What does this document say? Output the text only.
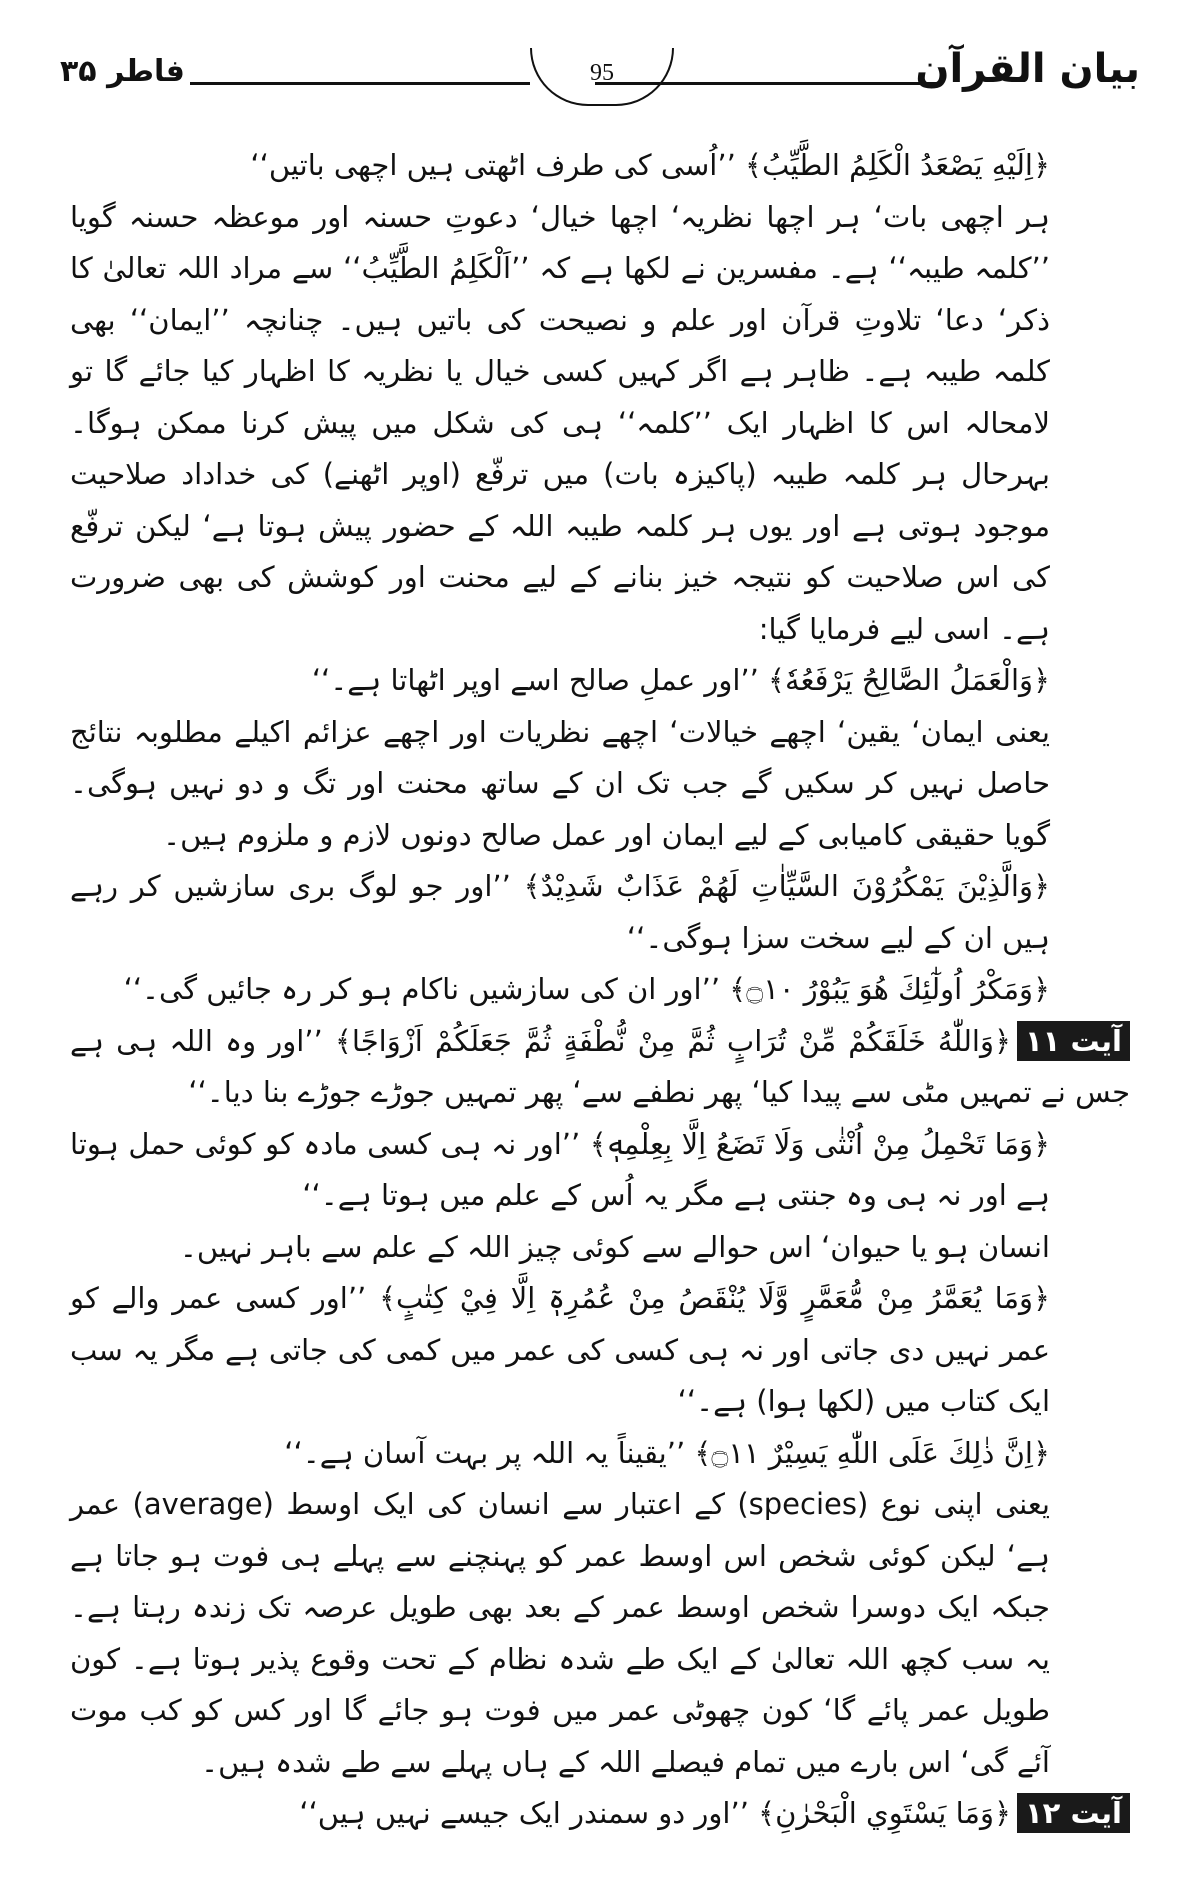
بیان القرآن
95
فاطر ۳۵

﴿اِلَيْهِ يَصْعَدُ الْكَلِمُ الطَّيِّبُ﴾ ’’اُسی کی طرف اٹھتی ہیں اچھی باتیں‘‘

ہر اچھی بات‘ ہر اچھا نظریہ‘ اچھا خیال‘ دعوتِ حسنہ اور موعظہ حسنہ گویا ’’کلمہ طیبہ‘‘ ہے۔ مفسرین نے لکھا ہے کہ ’’اَلْكَلِمُ الطَّيِّبُ‘‘ سے مراد اللہ تعالیٰ کا ذکر‘ دعا‘ تلاوتِ قرآن اور علم و نصیحت کی باتیں ہیں۔ چنانچہ ’’ایمان‘‘ بھی کلمہ طیبہ ہے۔ ظاہر ہے اگر کہیں کسی خیال یا نظریہ کا اظہار کیا جائے گا تو لامحالہ اس کا اظہار ایک ’’کلمہ‘‘ ہی کی شکل میں پیش کرنا ممکن ہوگا۔ بہرحال ہر کلمہ طیبہ (پاکیزہ بات) میں ترفّع (اوپر اٹھنے) کی خداداد صلاحیت موجود ہوتی ہے اور یوں ہر کلمہ طیبہ اللہ کے حضور پیش ہوتا ہے‘ لیکن ترفّع کی اس صلاحیت کو نتیجہ خیز بنانے کے لیے محنت اور کوشش کی بھی ضرورت ہے۔ اسی لیے فرمایا گیا:

﴿وَالْعَمَلُ الصَّالِحُ يَرْفَعُهٗ﴾ ’’اور عملِ صالح اسے اوپر اٹھاتا ہے۔‘‘

یعنی ایمان‘ یقین‘ اچھے خیالات‘ اچھے نظریات اور اچھے عزائم اکیلے مطلوبہ نتائج حاصل نہیں کر سکیں گے جب تک ان کے ساتھ محنت اور تگ و دو نہیں ہوگی۔ گویا حقیقی کامیابی کے لیے ایمان اور عمل صالح دونوں لازم و ملزوم ہیں۔

﴿وَالَّذِيْنَ يَمْكُرُوْنَ السَّيِّاٰتِ لَهُمْ عَذَابٌ شَدِيْدٌ﴾ ’’اور جو لوگ بری سازشیں کر رہے ہیں ان کے لیے سخت سزا ہوگی۔‘‘

﴿وَمَكْرُ اُولٰٓئِكَ هُوَ يَبُوْرُ ۝۱۰﴾ ’’اور ان کی سازشیں ناکام ہو کر رہ جائیں گی۔‘‘

آیت ۱۱﴿وَاللّٰهُ خَلَقَكُمْ مِّنْ تُرَابٍ ثُمَّ مِنْ نُّطْفَةٍ ثُمَّ جَعَلَكُمْ اَزْوَاجًا﴾ ’’اور وہ اللہ ہی ہے جس نے تمہیں مٹی سے پیدا کیا‘ پھر نطفے سے‘ پھر تمہیں جوڑے جوڑے بنا دیا۔‘‘

﴿وَمَا تَحْمِلُ مِنْ اُنْثٰى وَلَا تَضَعُ اِلَّا بِعِلْمِهٖ﴾ ’’اور نہ ہی کسی مادہ کو کوئی حمل ہوتا ہے اور نہ ہی وہ جنتی ہے مگر یہ اُس کے علم میں ہوتا ہے۔‘‘

انسان ہو یا حیوان‘ اس حوالے سے کوئی چیز اللہ کے علم سے باہر نہیں۔

﴿وَمَا يُعَمَّرُ مِنْ مُّعَمَّرٍ وَّلَا يُنْقَصُ مِنْ عُمُرِهٖٓ اِلَّا فِيْ كِتٰبٍ﴾ ’’اور کسی عمر والے کو عمر نہیں دی جاتی اور نہ ہی کسی کی عمر میں کمی کی جاتی ہے مگر یہ سب ایک کتاب میں (لکھا ہوا) ہے۔‘‘

﴿اِنَّ ذٰلِكَ عَلَى اللّٰهِ يَسِيْرٌ ۝۱۱﴾ ’’یقیناً یہ اللہ پر بہت آسان ہے۔‘‘

یعنی اپنی نوع (species) کے اعتبار سے انسان کی ایک اوسط (average) عمر ہے‘ لیکن کوئی شخص اس اوسط عمر کو پہنچنے سے پہلے ہی فوت ہو جاتا ہے جبکہ ایک دوسرا شخص اوسط عمر کے بعد بھی طویل عرصہ تک زندہ رہتا ہے۔ یہ سب کچھ اللہ تعالیٰ کے ایک طے شدہ نظام کے تحت وقوع پذیر ہوتا ہے۔ کون طویل عمر پائے گا‘ کون چھوٹی عمر میں فوت ہو جائے گا اور کس کو کب موت آئے گی‘ اس بارے میں تمام فیصلے اللہ کے ہاں پہلے سے طے شدہ ہیں۔

آیت ۱۲﴿وَمَا يَسْتَوِي الْبَحْرٰنِ﴾ ’’اور دو سمندر ایک جیسے نہیں ہیں‘‘
